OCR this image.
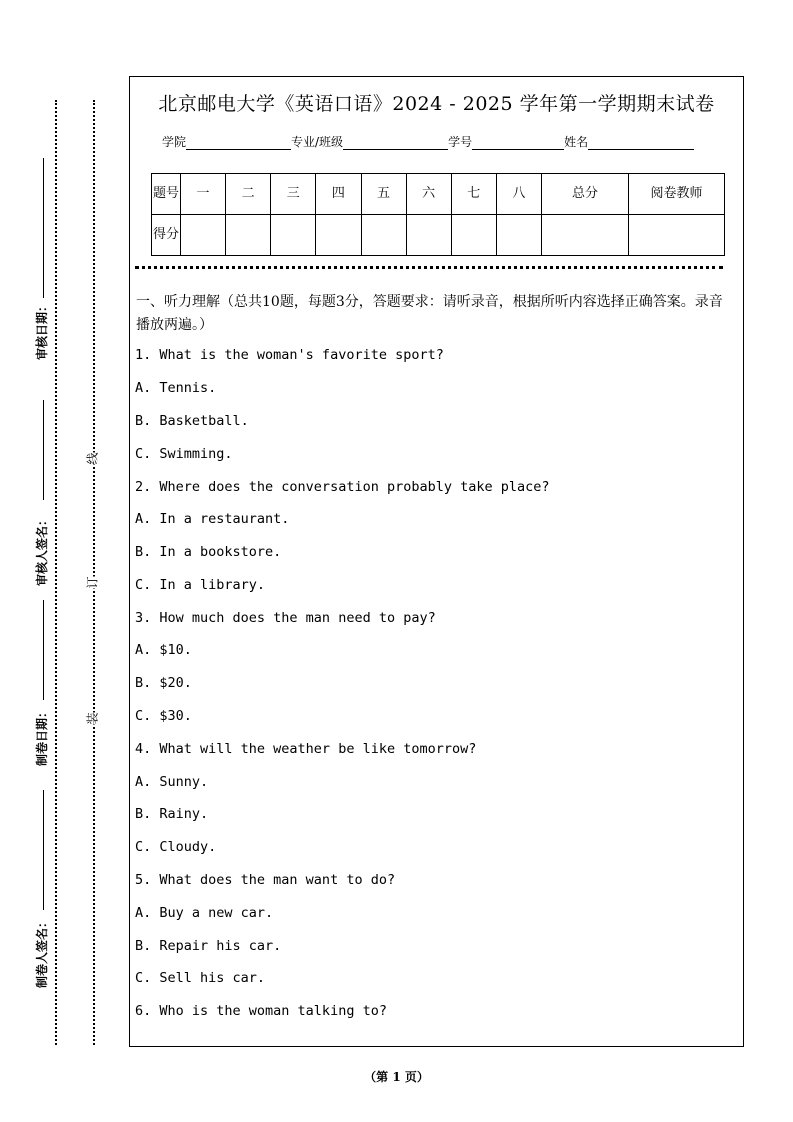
审核日期：
审核人签名：
制卷日期：
制卷人签名：
线
订
装
北京邮电大学《英语口语》2024 - 2025 学年第一学期期末试卷
学院	专业/班级	学号	姓名
题号	一	二	三	四	五	六	七	八	总分	阅卷教师
得分										
一、听力理解（总共10题，每题3分，答题要求：请听录音，根据所听内容选择正确答案。录音播放两遍。）
1. What is the woman's favorite sport?
A. Tennis.
B. Basketball.
C. Swimming.
2. Where does the conversation probably take place?
A. In a restaurant.
B. In a bookstore.
C. In a library.
3. How much does the man need to pay?
A. $10.
B. $20.
C. $30.
4. What will the weather be like tomorrow?
A. Sunny.
B. Rainy.
C. Cloudy.
5. What does the man want to do?
A. Buy a new car.
B. Repair his car.
C. Sell his car.
6. Who is the woman talking to?
（第 1 页）
